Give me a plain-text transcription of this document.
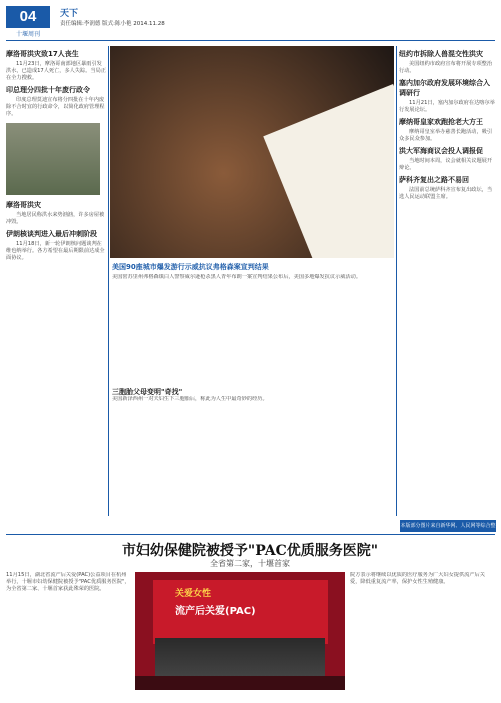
04
十堰周刊
天下
责任编辑:李润德 版式:陈小艳 2014.11.28
摩洛哥洪灾致17人丧生
11月23日，摩洛哥南部地区暴雨引发洪水，已造成17人死亡，多人失踪。当局正在全力搜救。
印总理分四批十年废行政令
印度总理莫迪宣布将分四批在十年内废除不合时宜的行政命令，以简化政府管理程序。
摩洛哥洪灾
当地居民称洪水来势汹汹，许多房屋被冲毁。
伊朗核谈判进入最后冲刺阶段
11月18日，新一轮伊朗核问题谈判在维也纳举行。各方希望在最后期限前达成全面协议。
美国90座城市爆发游行示威抗议弗格森案宣判结果
美国密苏里州弗格森镇白人警察威尔逊枪杀黑人青年布朗一案宣判结果公布后，美国多地爆发抗议示威活动。
三胞胎父母变明"奇找"
美国新泽西州一对夫妇生下三胞胎后，称此为人生中最奇妙的经历。
纽约市拆除人兽混交性洪灾
美国纽约市政府宣布将开展专项整治行动。
塞内加尔政府发展环境综合入调研行
11月21日，塞内加尔政府在达喀尔举行发展论坛。
摩纳哥皇家欢跑抢老大方王
摩纳哥皇室举办慈善长跑活动，吸引众多民众参加。
洪大军海商议会投人调报促
当地时间本周，议会就相关议题展开辩论。
萨科齐复出之路不易回
法国前总统萨科齐宣布复出政坛，当选人民运动联盟主席。
本版部分图片来自新华网、人民网等综合整理
市妇幼保健院被授予"PAC优质服务医院"
全省第二家，十堰首家
11月15日，湖北省流产后关爱(PAC)公益项目在杭州举行，十堰市妇幼保健院被授予"PAC优质服务医院"，为全省第二家、十堰首家获此殊荣的医院。	关爱女性
流产后关爱(PAC)
院方表示将继续以优质的医疗服务为广大妇女提供流产后关爱，降低重复流产率，保护女性生殖健康。
